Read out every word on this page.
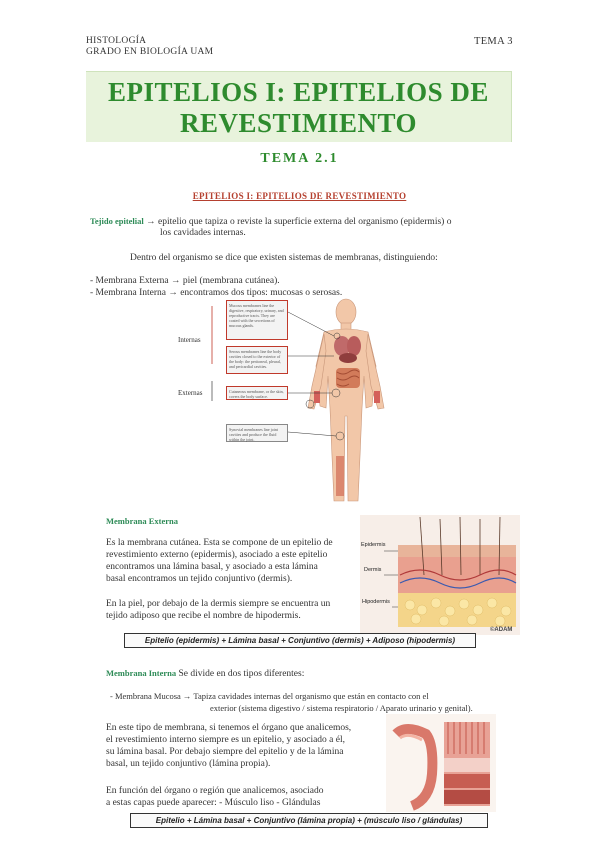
HISTOLOGÍA
GRADO EN BIOLOGÍA UAM
TEMA 3
EPITELIOS I: EPITELIOS DE
REVESTIMIENTO
TEMA 2.1
EPITELIOS I: EPITELIOS DE REVESTIMIENTO
Tejido epitelial → epitelio que tapiza o reviste la superficie externa del organismo (epidermis) o
los cavidades internas.
Dentro del organismo se dice que existen sistemas de membranas, distinguiendo:
- Membrana Externa → piel (membrana cutánea).
- Membrana Interna → encontramos dos tipos: mucosas o serosas.
Internas
Externas
Mucous membranes line the digestive, respiratory, urinary, and reproductive tracts. They are coated with the secretions of mucous glands.
Serous membranes line the body cavities closed to the exterior of the body: the peritoneal, pleural, and pericardial cavities.
Cutaneous membrane, or the skin, covers the body surface.
Synovial membranes line joint cavities and produce the fluid within the joint.
Membrana Externa
Es la membrana cutánea. Esta se compone de un epitelio de
revestimiento externo (epidermis), asociado a este epitelio
encontramos una lámina basal, y asociado a esta lámina
basal encontramos un tejido conjuntivo (dermis).
En la piel, por debajo de la dermis siempre se encuentra un
tejido adiposo que recibe el nombre de hipodermis.
Epidermis
Dermis
Hipodermis
©ADAM
Epitelio (epidermis) + Lámina basal + Conjuntivo (dermis) + Adiposo (hipodermis)
Membrana Interna Se divide en dos tipos diferentes:
- Membrana Mucosa → Tapiza cavidades internas del organismo que están en contacto con el
exterior (sistema digestivo / sistema respiratorio / Aparato urinario y genital).
En este tipo de membrana, si tenemos el órgano que analicemos,
el revestimiento interno siempre es un epitelio, y asociado a él,
su lámina basal. Por debajo siempre del epitelio y de la lámina
basal, un tejido conjuntivo (lámina propia).
En función del órgano o región que analicemos, asociado
a estas capas puede aparecer: - Músculo liso - Glándulas
Epitelio + Lámina basal + Conjuntivo (lámina propia) + (músculo liso / glándulas)
